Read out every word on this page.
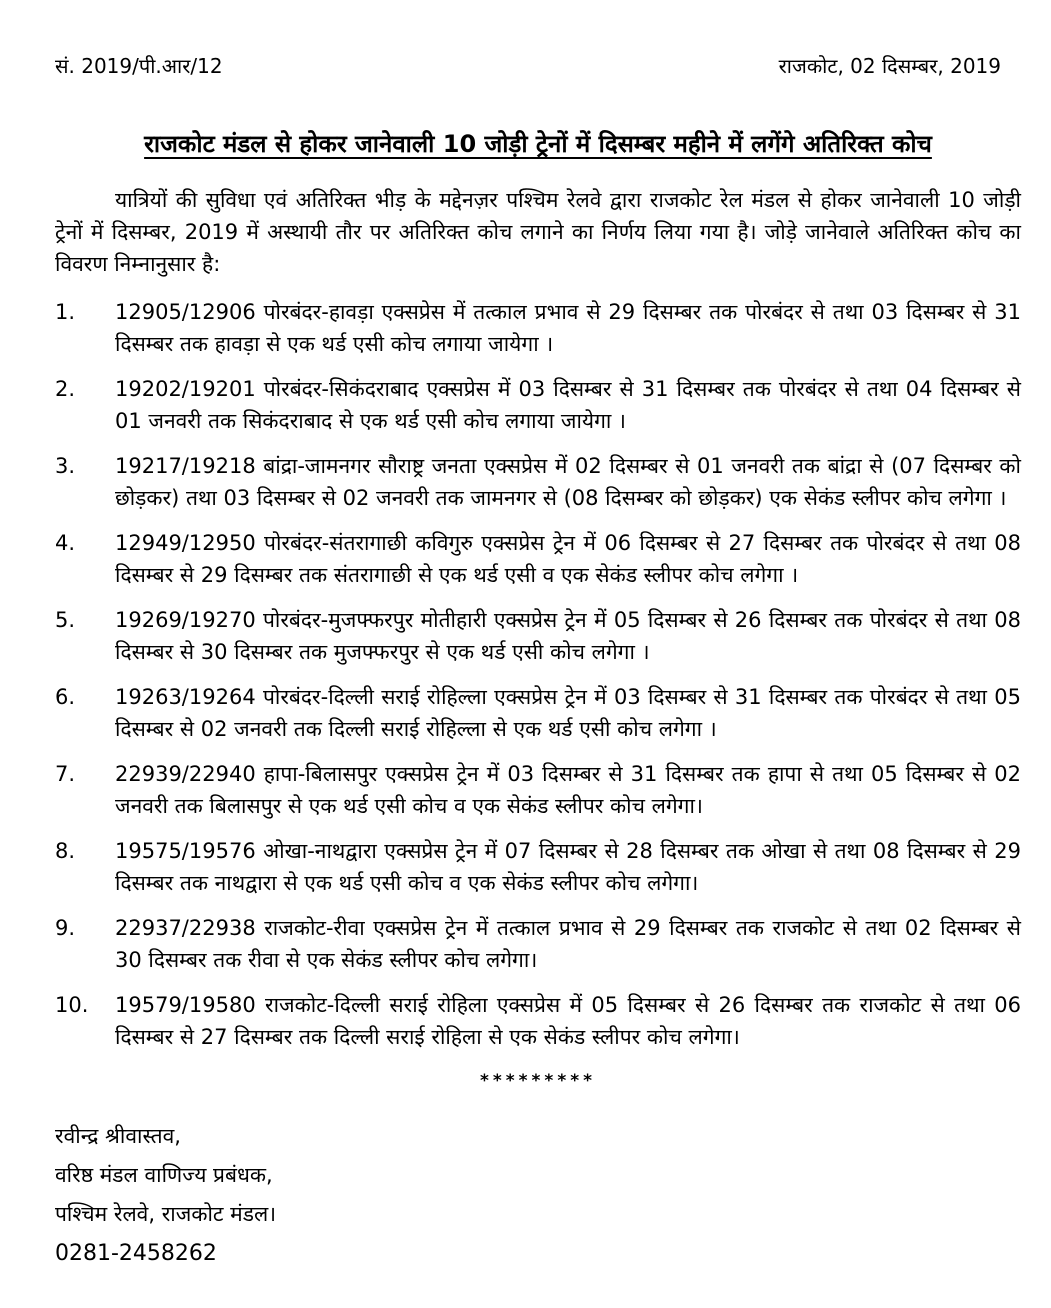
सं. 2019/पी.आर/12	राजकोट, 02 दिसम्बर, 2019
राजकोट मंडल से होकर जानेवाली 10 जोड़ी ट्रेनों में दिसम्बर महीने में लगेंगे अतिरिक्त कोच

यात्रियों की सुविधा एवं अतिरिक्त भीड़ के मद्देनज़र पश्चिम रेलवे द्वारा राजकोट रेल मंडल से होकर जानेवाली 10 जोड़ी ट्रेनों में दिसम्बर, 2019 में अस्थायी तौर पर अतिरिक्त कोच लगाने का निर्णय लिया गया है। जोड़े जानेवाले अतिरिक्त कोच का विवरण निम्नानुसार है:

1.	12905/12906 पोरबंदर-हावड़ा एक्सप्रेस में तत्काल प्रभाव से 29 दिसम्बर तक पोरबंदर से तथा 03 दिसम्बर से 31 दिसम्बर तक हावड़ा से एक थर्ड एसी कोच लगाया जायेगा ।
2.	19202/19201 पोरबंदर-सिकंदराबाद एक्सप्रेस में 03 दिसम्बर से 31 दिसम्बर तक पोरबंदर से तथा 04 दिसम्बर से 01 जनवरी तक सिकंदराबाद से एक थर्ड एसी कोच लगाया जायेगा ।
3.	19217/19218 बांद्रा-जामनगर सौराष्ट्र जनता एक्सप्रेस में 02 दिसम्बर से 01 जनवरी तक बांद्रा से (07 दिसम्बर को छोड़कर) तथा 03 दिसम्बर से 02 जनवरी तक जामनगर से (08 दिसम्बर को छोड़कर) एक सेकंड स्लीपर कोच लगेगा ।
4.	12949/12950 पोरबंदर-संतरागाछी कविगुरु एक्सप्रेस ट्रेन में 06 दिसम्बर से 27 दिसम्बर तक पोरबंदर से तथा 08 दिसम्बर से 29 दिसम्बर तक संतरागाछी से एक थर्ड एसी व एक सेकंड स्लीपर कोच लगेगा ।
5.	19269/19270 पोरबंदर-मुजफ्फरपुर मोतीहारी एक्सप्रेस ट्रेन में 05 दिसम्बर से 26 दिसम्बर तक पोरबंदर से तथा 08 दिसम्बर से 30 दिसम्बर तक मुजफ्फरपुर से एक थर्ड एसी कोच लगेगा ।
6.	19263/19264 पोरबंदर-दिल्ली सराई रोहिल्ला एक्सप्रेस ट्रेन में 03 दिसम्बर से 31 दिसम्बर तक पोरबंदर से तथा 05 दिसम्बर से 02 जनवरी तक दिल्ली सराई रोहिल्ला से एक थर्ड एसी कोच लगेगा ।
7.	22939/22940 हापा-बिलासपुर एक्सप्रेस ट्रेन में 03 दिसम्बर से 31 दिसम्बर तक हापा से तथा 05 दिसम्बर से 02 जनवरी तक बिलासपुर से एक थर्ड एसी कोच व एक सेकंड स्लीपर कोच लगेगा।
8.	19575/19576 ओखा-नाथद्वारा एक्सप्रेस ट्रेन में 07 दिसम्बर से 28 दिसम्बर तक ओखा से तथा 08 दिसम्बर से 29 दिसम्बर तक नाथद्वारा से एक थर्ड एसी कोच व एक सेकंड स्लीपर कोच लगेगा।
9.	22937/22938 राजकोट-रीवा एक्सप्रेस ट्रेन में तत्काल प्रभाव से 29 दिसम्बर तक राजकोट से तथा 02 दिसम्बर से 30 दिसम्बर तक रीवा से एक सेकंड स्लीपर कोच लगेगा।
10.	19579/19580 राजकोट-दिल्ली सराई रोहिला एक्सप्रेस में 05 दिसम्बर से 26 दिसम्बर तक राजकोट से तथा 06 दिसम्बर से 27 दिसम्बर तक दिल्ली सराई रोहिला से एक सेकंड स्लीपर कोच लगेगा।
*********
रवीन्द्र श्रीवास्तव,
वरिष्ठ मंडल वाणिज्य प्रबंधक,
पश्चिम रेलवे, राजकोट मंडल।
0281-2458262
